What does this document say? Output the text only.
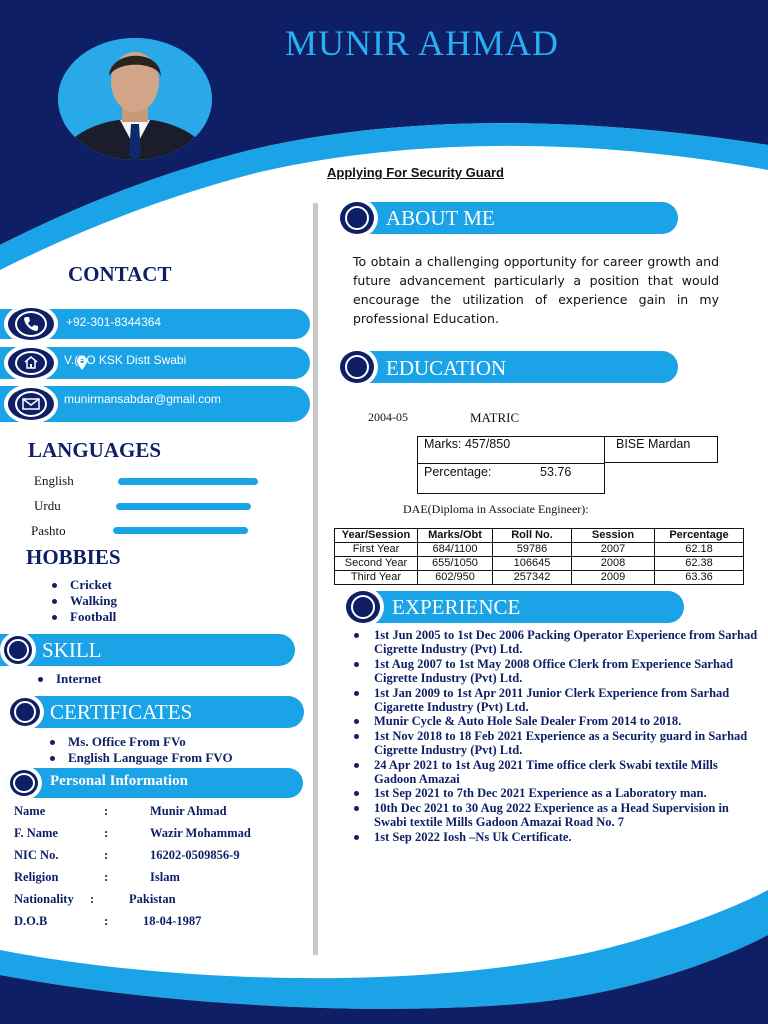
MUNIR AHMAD
Applying For Security Guard
CONTACT
+92-301-8344364
V.(PO KSK Distt Swabi
munirmansabdar@gmail.com
LANGUAGES
English
Urdu
Pashto
HOBBIES
Cricket
Walking
Football
SKILL
Internet
CERTIFICATES
Ms. Office From FVo
English Language From FVO
Personal Information
Name	:	Munir Ahmad
F. Name	:	Wazir Mohammad
NIC No.	:	16202-0509856-9
Religion	:	Islam
Nationality :	Pakistan
D.O.B	:	18-04-1987
ABOUT ME
To obtain a challenging opportunity for career growth and future advancement particularly a position that would encourage the utilization of experience gain in my professional Education.
EDUCATION
2004-05	MATRIC
Marks: 457/850	BISE Mardan
Percentage:	53.76
DAE(Diploma in Associate Engineer):
Year/Session	Marks/Obt	Roll No.	Session	Percentage
First Year	684/1100	59786	2007	62.18
Second Year	655/1050	106645	2008	62.38
Third Year	602/950	257342	2009	63.36
EXPERIENCE
1st Jun 2005 to 1st Dec 2006 Packing Operator Experience from Sarhad Cigrette Industry (Pvt) Ltd.
1st Aug 2007 to 1st May 2008 Office Clerk from Experience Sarhad Cigrette Industry (Pvt) Ltd.
1st Jan 2009 to 1st Apr 2011 Junior Clerk Experience from Sarhad Cigarette Industry (Pvt) Ltd.
Munir Cycle & Auto Hole Sale Dealer From 2014 to 2018.
1st Nov 2018 to 18 Feb 2021 Experience as a Security guard in Sarhad Cigrette Industry (Pvt) Ltd.
24 Apr 2021 to 1st Aug 2021 Time office clerk Swabi textile Mills Gadoon Amazai
1st Sep 2021 to 7th Dec 2021 Experience as a Laboratory man.
10th Dec 2021 to 30 Aug 2022 Experience as a Head Supervision in Swabi textile Mills Gadoon Amazai Road No. 7
1st Sep 2022 Iosh –Ns Uk Certificate.
